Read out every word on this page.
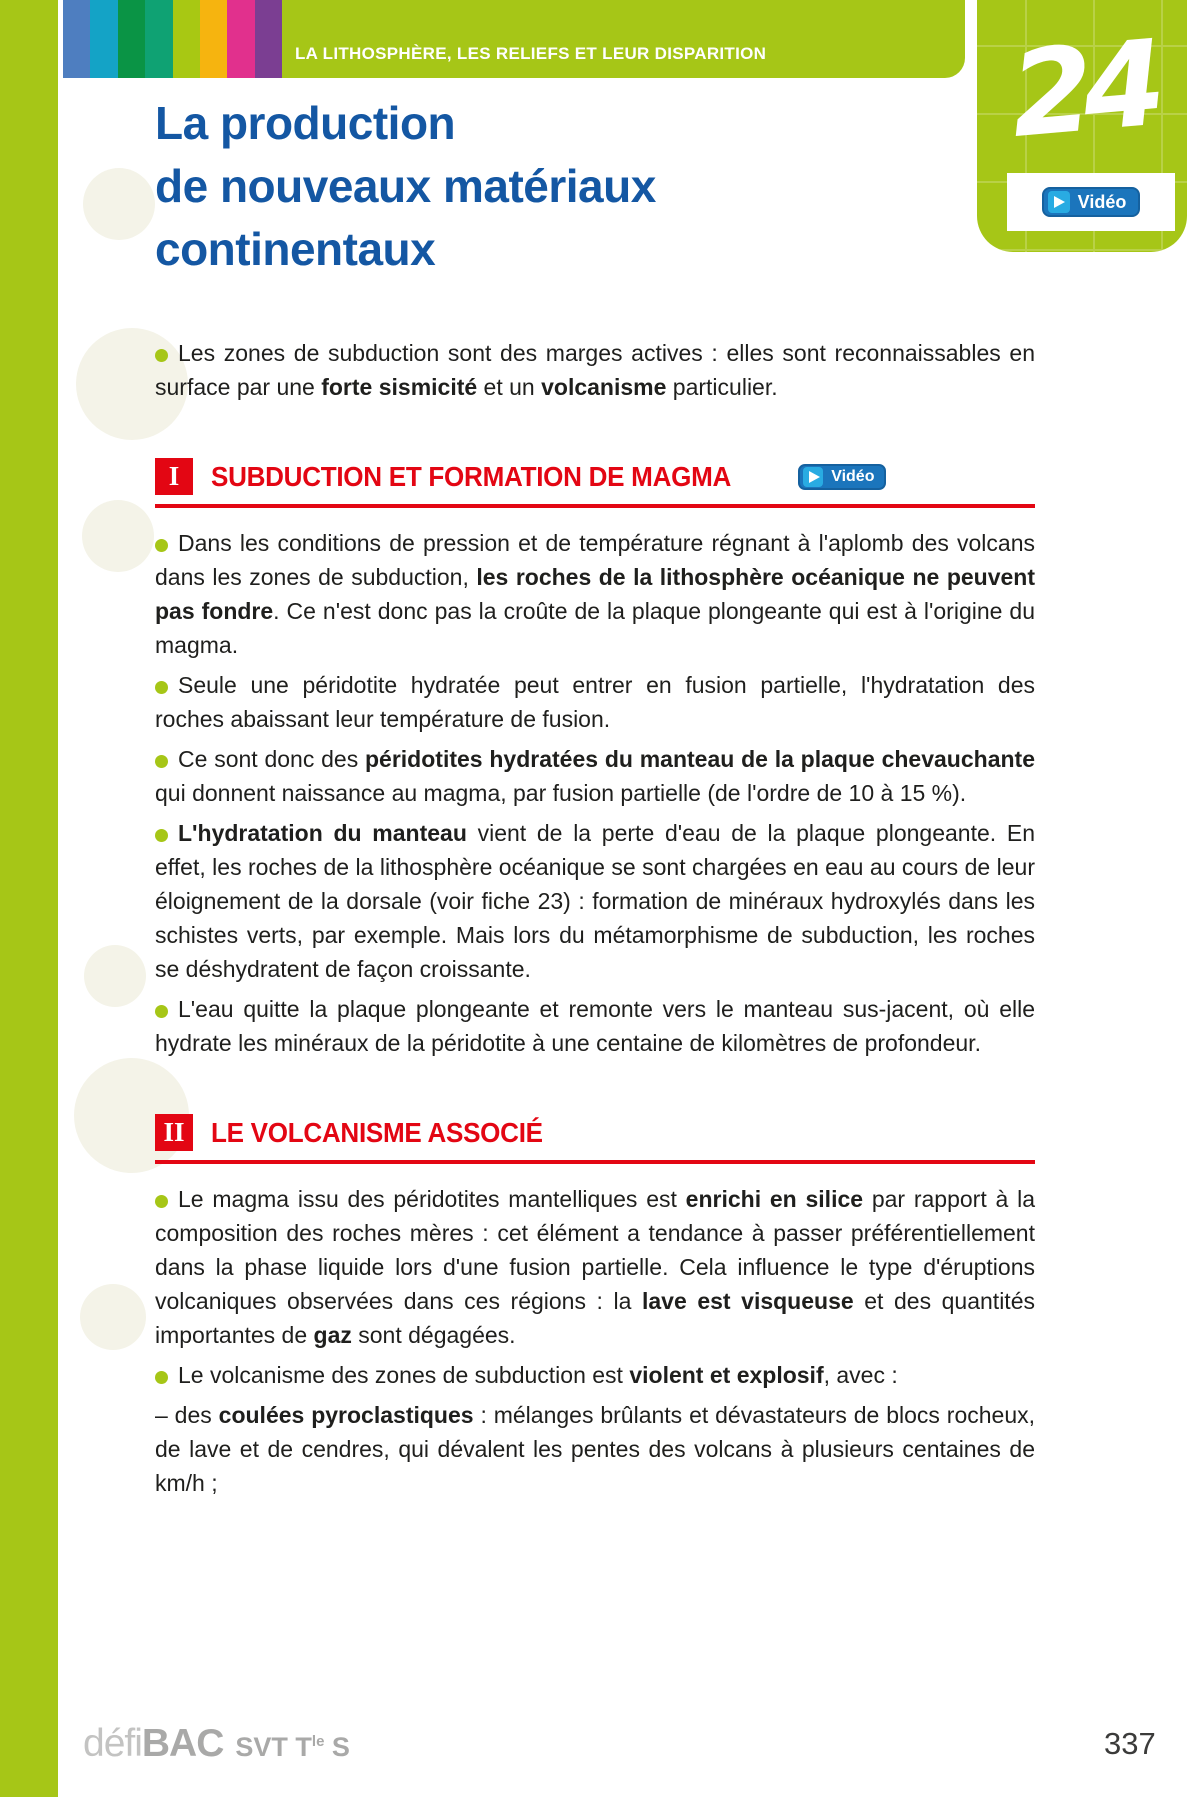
LA LITHOSPHÈRE, LES RELIEFS ET LEUR DISPARITION 24
Vidéo
La production
de nouveaux matériaux
continentaux

Les zones de subduction sont des marges actives : elles sont reconnaissables en surface par une forte sismicité et un volcanisme particulier.

I	SUBDUCTION ET FORMATION DE MAGMA	Vidéo

Dans les conditions de pression et de température régnant à l'aplomb des volcans dans les zones de subduction, les roches de la lithosphère océanique ne peuvent pas fondre. Ce n'est donc pas la croûte de la plaque plongeante qui est à l'origine du magma.

Seule une péridotite hydratée peut entrer en fusion partielle, l'hydratation des roches abaissant leur température de fusion.

Ce sont donc des péridotites hydratées du manteau de la plaque chevauchante qui donnent naissance au magma, par fusion partielle (de l'ordre de 10 à 15 %).

L'hydratation du manteau vient de la perte d'eau de la plaque plongeante. En effet, les roches de la lithosphère océanique se sont chargées en eau au cours de leur éloignement de la dorsale (voir fiche 23) : formation de minéraux hydroxylés dans les schistes verts, par exemple. Mais lors du métamorphisme de subduction, les roches se déshydratent de façon croissante.

L'eau quitte la plaque plongeante et remonte vers le manteau sus-jacent, où elle hydrate les minéraux de la péridotite à une centaine de kilomètres de profondeur.

II LE VOLCANISME ASSOCIÉ

Le magma issu des péridotites mantelliques est enrichi en silice par rapport à la composition des roches mères : cet élément a tendance à passer préférentiellement dans la phase liquide lors d'une fusion partielle. Cela influence le type d'éruptions volcaniques observées dans ces régions : la lave est visqueuse et des quantités importantes de gaz sont dégagées.

Le volcanisme des zones de subduction est violent et explosif, avec :

– des coulées pyroclastiques : mélanges brûlants et dévastateurs de blocs rocheux, de lave et de cendres, qui dévalent les pentes des volcans à plusieurs centaines de km/h ;

défiBAC SVT $T^{le}$ S	337
